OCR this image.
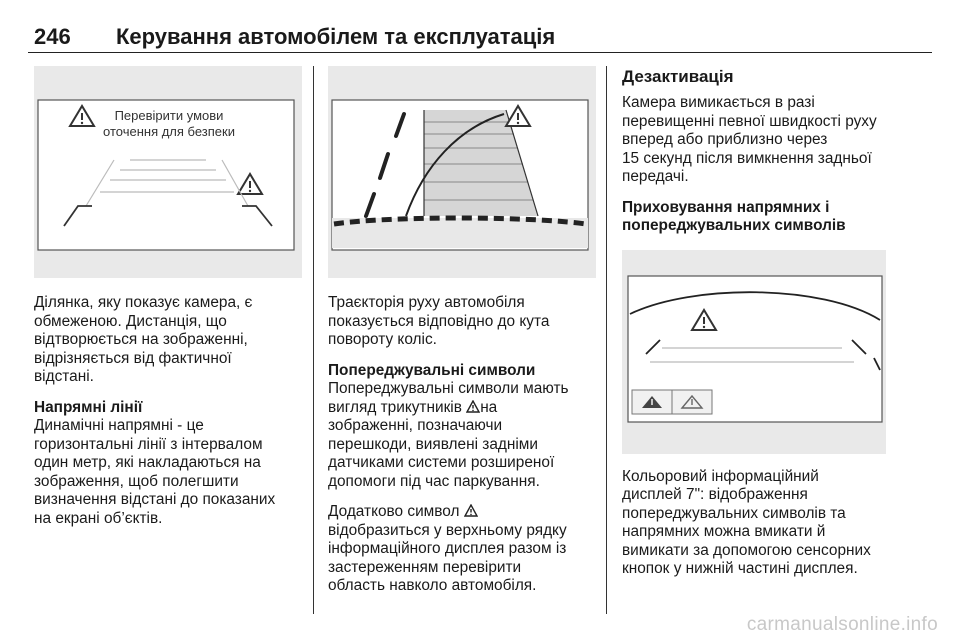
246 Керування автомобілем та експлуатація
Перевірити умови
оточення для безпеки

Ділянка, яку показує камера, є
обмеженою. Дистанція, що
відтворюється на зображенні,
відрізняється від фактичної
відстані.

Напрямні лінії

Динамічні напрямні - це
горизонтальні лінії з інтервалом
один метр, які накладаються на
зображення, щоб полегшити
визначення відстані до показаних
на екрані об’єктів.

Траєкторія руху автомобіля
показується відповідно до кута
повороту коліс.

Попереджувальні символи

Попереджувальні символи мають
вигляд трикутників на
зображенні, позначаючи
перешкоди, виявлені задніми
датчиками системи розширеної
допомоги під час паркування.

Додатково символ
відобразиться у верхньому рядку
інформаційного дисплея разом із
застереженням перевірити
область навколо автомобіля.

Дезактивація

Камера вимикається в разі
перевищенні певної швидкості руху
вперед або приблизно через
15 секунд після вимкнення задньої
передачі.

Приховування напрямних і
попереджувальних символів

Кольоровий інформаційний
дисплей 7": відображення
попереджувальних символів та
напрямних можна вмикати й
вимикати за допомогою сенсорних
кнопок у нижній частині дисплея.

carmanualsonline.info
